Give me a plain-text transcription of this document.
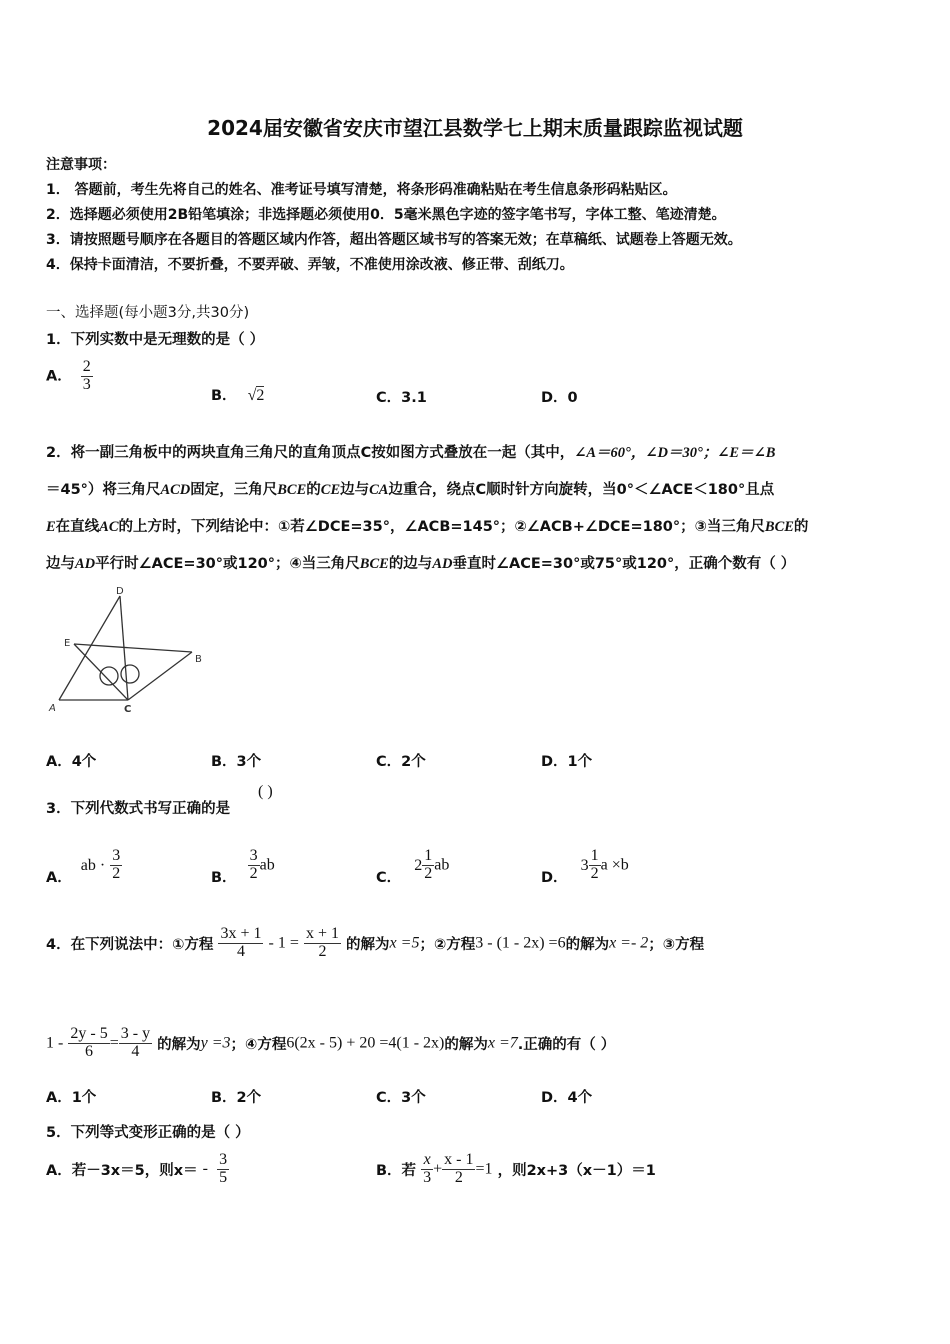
2024届安徽省安庆市望江县数学七上期末质量跟踪监视试题
注意事项：
1． 答题前，考生先将自己的姓名、准考证号填写清楚，将条形码准确粘贴在考生信息条形码粘贴区。
2．选择题必须使用2B铅笔填涂；非选择题必须使用0．5毫米黑色字迹的签字笔书写，字体工整、笔迹清楚。
3．请按照题号顺序在各题目的答题区域内作答，超出答题区域书写的答案无效；在草稿纸、试题卷上答题无效。
4．保持卡面清洁，不要折叠，不要弄破、弄皱，不准使用涂改液、修正带、刮纸刀。
一、选择题(每小题3分,共30分)
1．下列实数中是无理数的是（ ）
A． $\frac{2}{3}$
B． √2	C．3.1	D．0
2．将一副三角板中的两块直角三角尺的直角顶点C按如图方式叠放在一起（其中，∠A＝60°，∠D＝30°；∠E＝∠B
＝45°）将三角尺ACD固定，三角尺BCE的CE边与CA边重合，绕点C顺时针方向旋转，当0°＜∠ACE＜180°且点
E在直线AC的上方时，下列结论中：①若∠DCE=35°，∠ACB=145°；②∠ACB+∠DCE=180°；③当三角尺BCE的
边与AD平行时∠ACE=30°或120°；④当三角尺BCE的边与AD垂直时∠ACE=30°或75°或120°，正确个数有（ ）
D
E
B
A	C
A．4个	B．3个	C．2个	D．1个
3．下列代数式书写正确的是
( )
A． ab · $\frac{3}{2}$	B． $\frac{3}{2}$ ab
C． $2 \frac{1}{2}$ ab
D． $3 \frac{1}{2}$ a ×b
4．在下列说法中：①方程 $\frac{3x + 1}{4} - 1 = \frac{x + 1}{2}$ 的解为x =5；②方程3 - (1 - 2x) =6的解为x =- 2；③方程
$1 - \frac{2y - 5}{6} = \frac{3 - y}{4}$ 的解为y =3；④方程6(2x - 5) + 20 =4(1 - 2x)的解为x =7.正确的有（ ）
A．1个	B．2个	C．3个	D．4个
5．下列等式变形正确的是（ ）
A．若－3x＝5，则$x= - \frac{3}{5}$	B．若 $\frac{x}{3} + \frac{x - 1}{2} =1$ ，则2x+3（x－1）＝1
